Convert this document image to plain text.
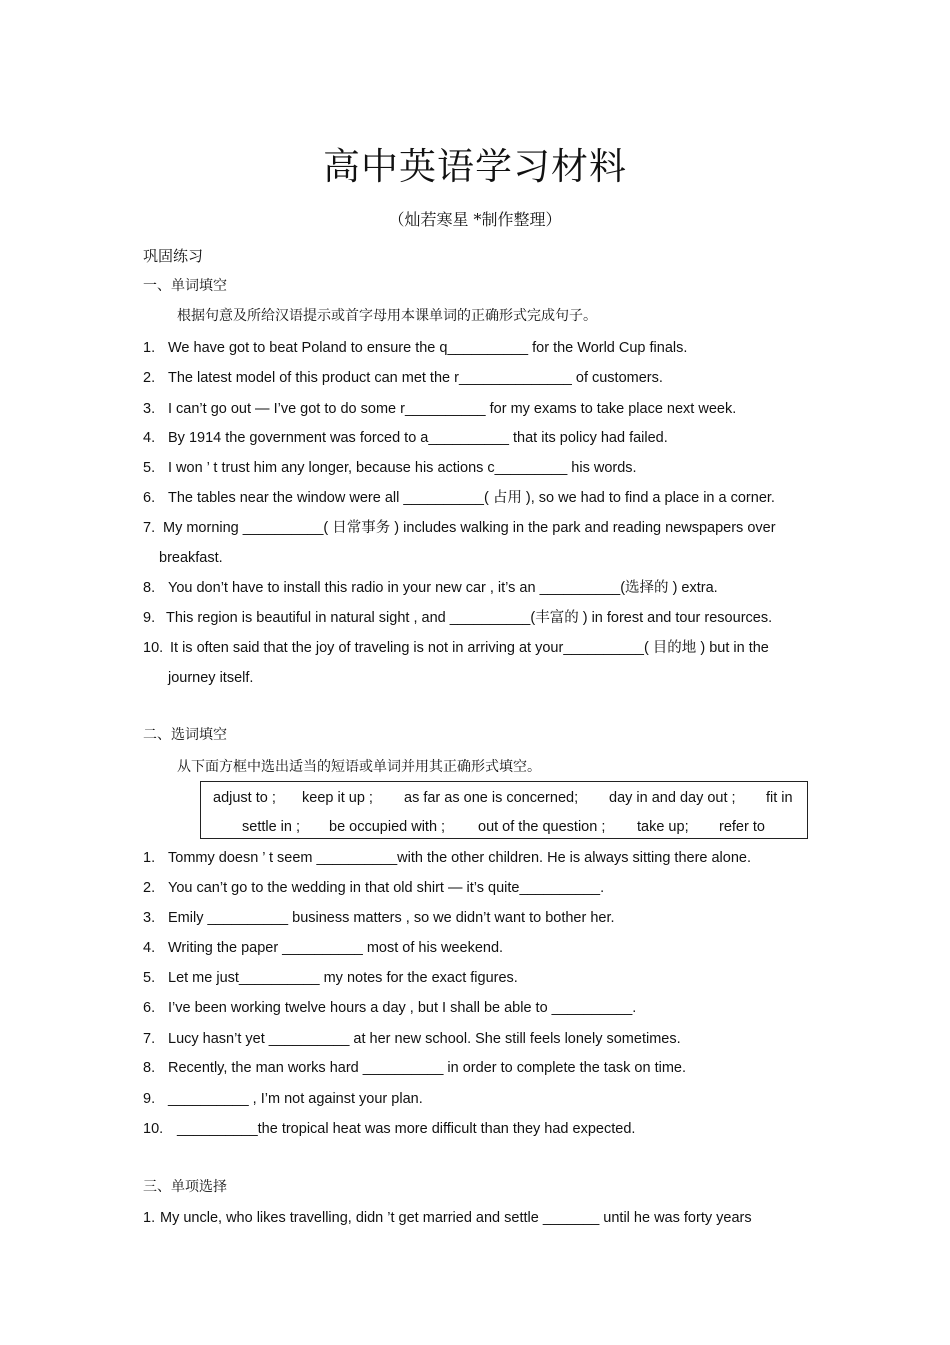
高中英语学习材料
（灿若寒星 *制作整理）
巩固练习
一、单词填空
根据句意及所给汉语提示或首字母用本课单词的正确形式完成句子。
1. We have got to beat Poland to ensure the q__________ for the World Cup finals.
2. The latest model of this product can met the r______________ of customers.
3. I can’t go out — I’ve got to do some r__________ for my exams to take place next week.
4. By 1914 the government was forced to a__________ that its policy had failed.
5. I won ’ t trust him any longer, because his actions c_________ his words.
6. The tables near the window were all __________( 占用 ), so we had to find a place in a corner.
7. My morning __________( 日常事务 ) includes walking in the park and reading newspapers over
breakfast.
8. You don’t have to install this radio in your new car , it’s an __________(选择的 ) extra.
9. This region is beautiful in natural sight , and __________(丰富的 ) in forest and tour resources.
10. It is often said that the joy of traveling is not in arriving at your__________( 目的地 ) but in the
journey itself.
二、选词填空
从下面方框中选出适当的短语或单词并用其正确形式填空。
adjust to ; keep it up ; as far as one is concerned; day in and day out ; fit in
settle in ; be occupied with ; out of the question ; take up; refer to
1. Tommy doesn ’ t seem __________with the other children. He is always sitting there alone.
2. You can’t go to the wedding in that old shirt — it’s quite__________.
3. Emily __________ business matters , so we didn’t want to bother her.
4. Writing the paper __________ most of his weekend.
5. Let me just__________ my notes for the exact figures.
6. I’ve been working twelve hours a day , but I shall be able to __________.
7. Lucy hasn’t yet __________ at her new school. She still feels lonely sometimes.
8. Recently, the man works hard __________ in order to complete the task on time.
9. __________ , I’m not against your plan.
10. __________the tropical heat was more difficult than they had expected.
三、单项选择
1. My uncle, who likes travelling, didn ’t get married and settle _______ until he was forty years
